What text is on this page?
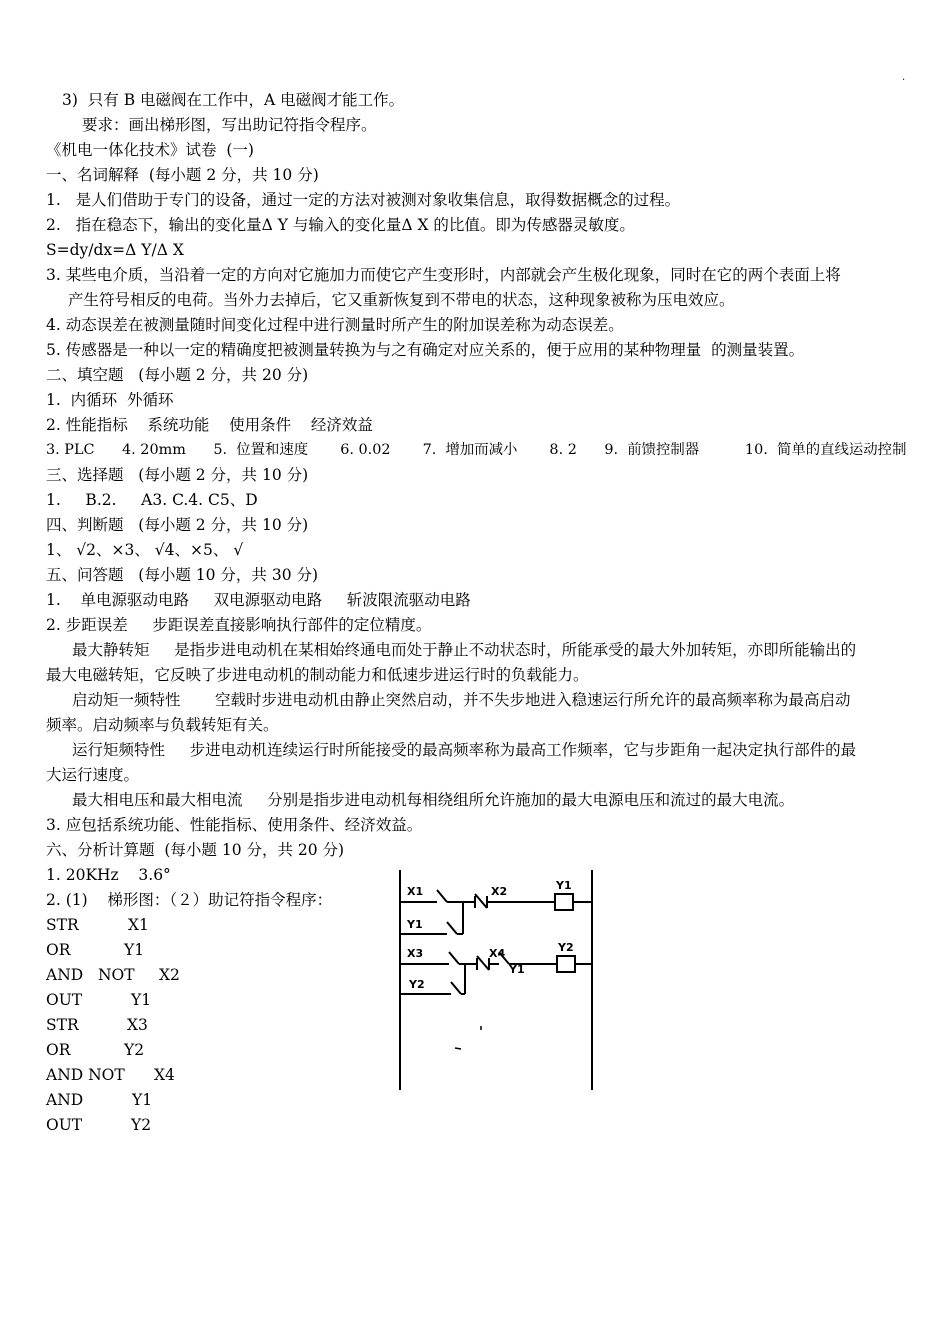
.
3)  只有 B 电磁阀在工作中，A 电磁阀才能工作。
要求：画出梯形图，写出助记符指令程序。
《机电一体化技术》试卷  (一)
一、名词解释  (每小题 2 分，共 10 分)
1.   是人们借助于专门的设备，通过一定的方法对被测对象收集信息，取得数据概念的过程。
2.   指在稳态下，输出的变化量Δ Y 与输入的变化量Δ X 的比值。即为传感器灵敏度。
S=dy/dx=Δ Y/Δ X
3. 某些电介质，当沿着一定的方向对它施加力而使它产生变形时，内部就会产生极化现象，同时在它的两个表面上将
产生符号相反的电荷。当外力去掉后，它又重新恢复到不带电的状态，这种现象被称为压电效应。
4. 动态误差在被测量随时间变化过程中进行测量时所产生的附加误差称为动态误差。
5. 传感器是一种以一定的精确度把被测量转换为与之有确定对应关系的，便于应用的某种物理量  的测量装置。
二、填空题   (每小题 2 分，共 20 分)
1.  内循环  外循环
2. 性能指标    系统功能    使用条件    经济效益
3. PLC      4. 20mm      5.  位置和速度       6. 0.02       7.  增加而减小       8. 2      9.  前馈控制器          10.  简单的直线运动控制
三、选择题   (每小题 2 分，共 10 分)
1.     B.2.     A3. C.4. C5、D
四、判断题   (每小题 2 分，共 10 分)
1、 √2、×3、 √4、×5、 √
五、问答题   (每小题 10 分，共 30 分)
1.    单电源驱动电路     双电源驱动电路     斩波限流驱动电路
2. 步距误差     步距误差直接影响执行部件的定位精度。
最大静转矩     是指步进电动机在某相始终通电而处于静止不动状态时，所能承受的最大外加转矩，亦即所能输出的
最大电磁转矩，它反映了步进电动机的制动能力和低速步进运行时的负载能力。
启动矩一频特性       空载时步进电动机由静止突然启动，并不失步地进入稳速运行所允许的最高频率称为最高启动
频率。启动频率与负载转矩有关。
运行矩频特性     步进电动机连续运行时所能接受的最高频率称为最高工作频率，它与步距角一起决定执行部件的最
大运行速度。
最大相电压和最大相电流     分别是指步进电动机每相绕组所允许施加的最大电源电压和流过的最大电流。
3. 应包括系统功能、性能指标、使用条件、经济效益。
六、分析计算题  (每小题 10 分，共 20 分)
1. 20KHz    3.6°
2. (1)    梯形图：（２）助记符指令程序：
STR	X1
OR	Y1
AND   NOT X2
OUT	Y1
STR	X3
OR	Y2
AND NOT X4
AND	Y1
OUT	Y2
X1	X2	Y1
Y1
X3	X4
Y1
Y2
Y2
